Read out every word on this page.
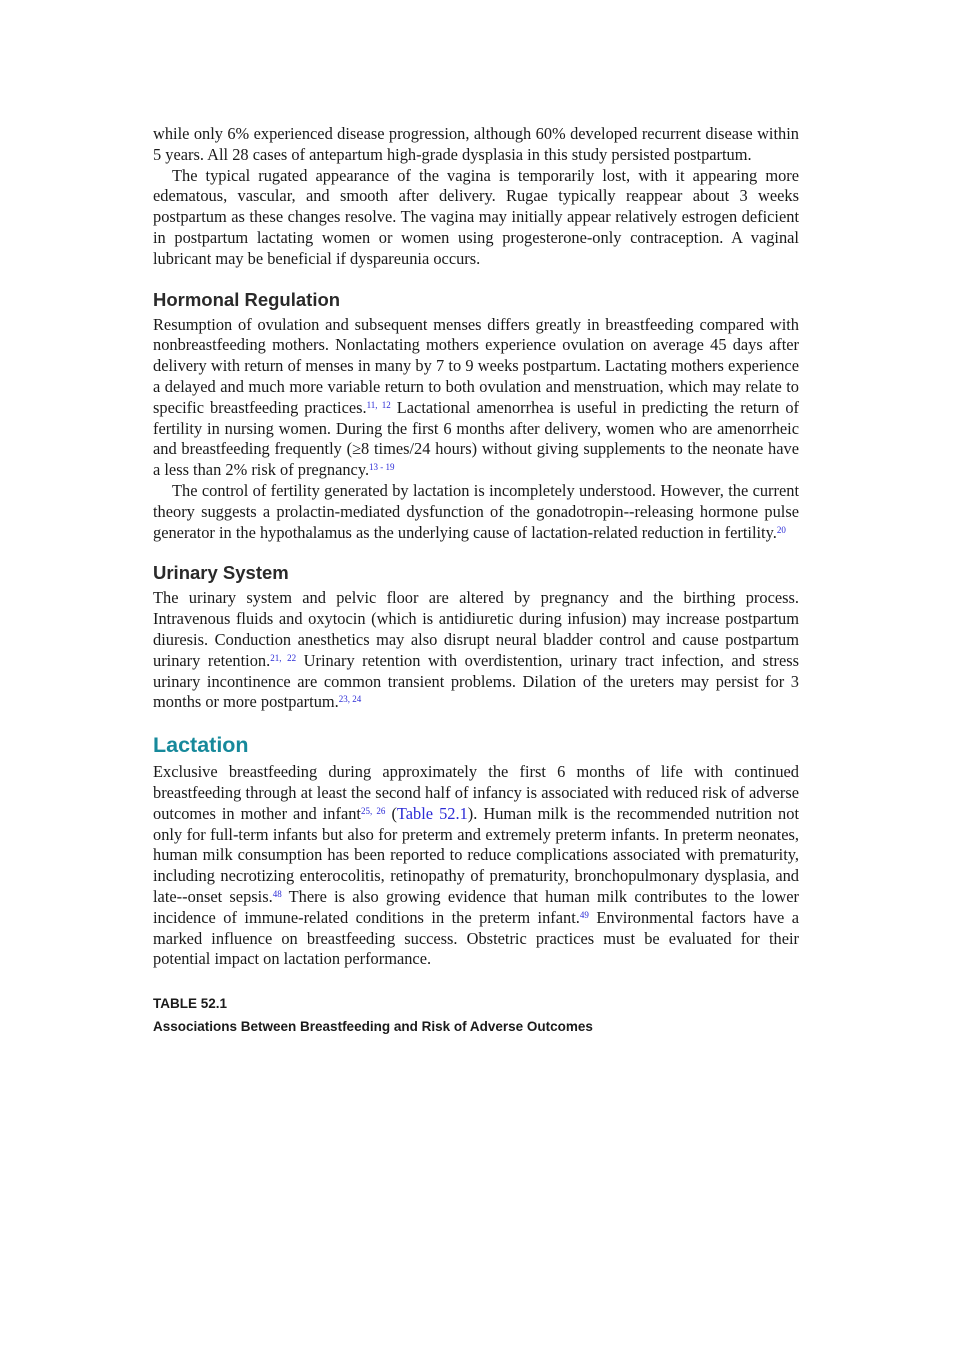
while only 6% experienced disease progression, although 60% developed recurrent disease within 5 years. All 28 cases of antepartum high-grade dysplasia in this study persisted postpartum.

The typical rugated appearance of the vagina is temporarily lost, with it appearing more edematous, vascular, and smooth after delivery. Rugae typically reappear about 3 weeks postpartum as these changes resolve. The vagina may initially appear relatively estrogen deficient in postpartum lactating women or women using progesterone-only contraception. A vaginal lubricant may be beneficial if dyspareunia occurs.

Hormonal Regulation

Resumption of ovulation and subsequent menses differs greatly in breastfeeding compared with nonbreastfeeding mothers. Nonlactating mothers experience ovulation on average 45 days after delivery with return of menses in many by 7 to 9 weeks postpartum. Lactating mothers experience a delayed and much more variable return to both ovulation and menstruation, which may relate to specific breastfeeding practices.$^{11, 12}$ Lactational amenorrhea is useful in predicting the return of fertility in nursing women. During the first 6 months after delivery, women who are amenorrheic and breastfeeding frequently (≥8 times/24 hours) without giving supplements to the neonate have a less than 2% risk of pregnancy.$^{13 - 19}$

The control of fertility generated by lactation is incompletely understood. However, the current theory suggests a prolactin-mediated dysfunction of the gonadotropin--releasing hormone pulse generator in the hypothalamus as the underlying cause of lactation-related reduction in fertility.$^{20}$

Urinary System

The urinary system and pelvic floor are altered by pregnancy and the birthing process. Intravenous fluids and oxytocin (which is antidiuretic during infusion) may increase postpartum diuresis. Conduction anesthetics may also disrupt neural bladder control and cause postpartum urinary retention.$^{21, 22}$ Urinary retention with overdistention, urinary tract infection, and stress urinary incontinence are common transient problems. Dilation of the ureters may persist for 3 months or more postpartum.$^{23, 24}$

Lactation

Exclusive breastfeeding during approximately the first 6 months of life with continued breastfeeding through at least the second half of infancy is associated with reduced risk of adverse outcomes in mother and infant$^{25, 26}$ (Table 52.1). Human milk is the recommended nutrition not only for full-term infants but also for preterm and extremely preterm infants. In preterm neonates, human milk consumption has been reported to reduce complications associated with prematurity, including necrotizing enterocolitis, retinopathy of prematurity, bronchopulmonary dysplasia, and late--onset sepsis.$^{48}$ There is also growing evidence that human milk contributes to the lower incidence of immune-related conditions in the preterm infant.$^{49}$ Environmental factors have a marked influence on breastfeeding success. Obstetric practices must be evaluated for their potential impact on lactation performance.

TABLE 52.1

Associations Between Breastfeeding and Risk of Adverse Outcomes
